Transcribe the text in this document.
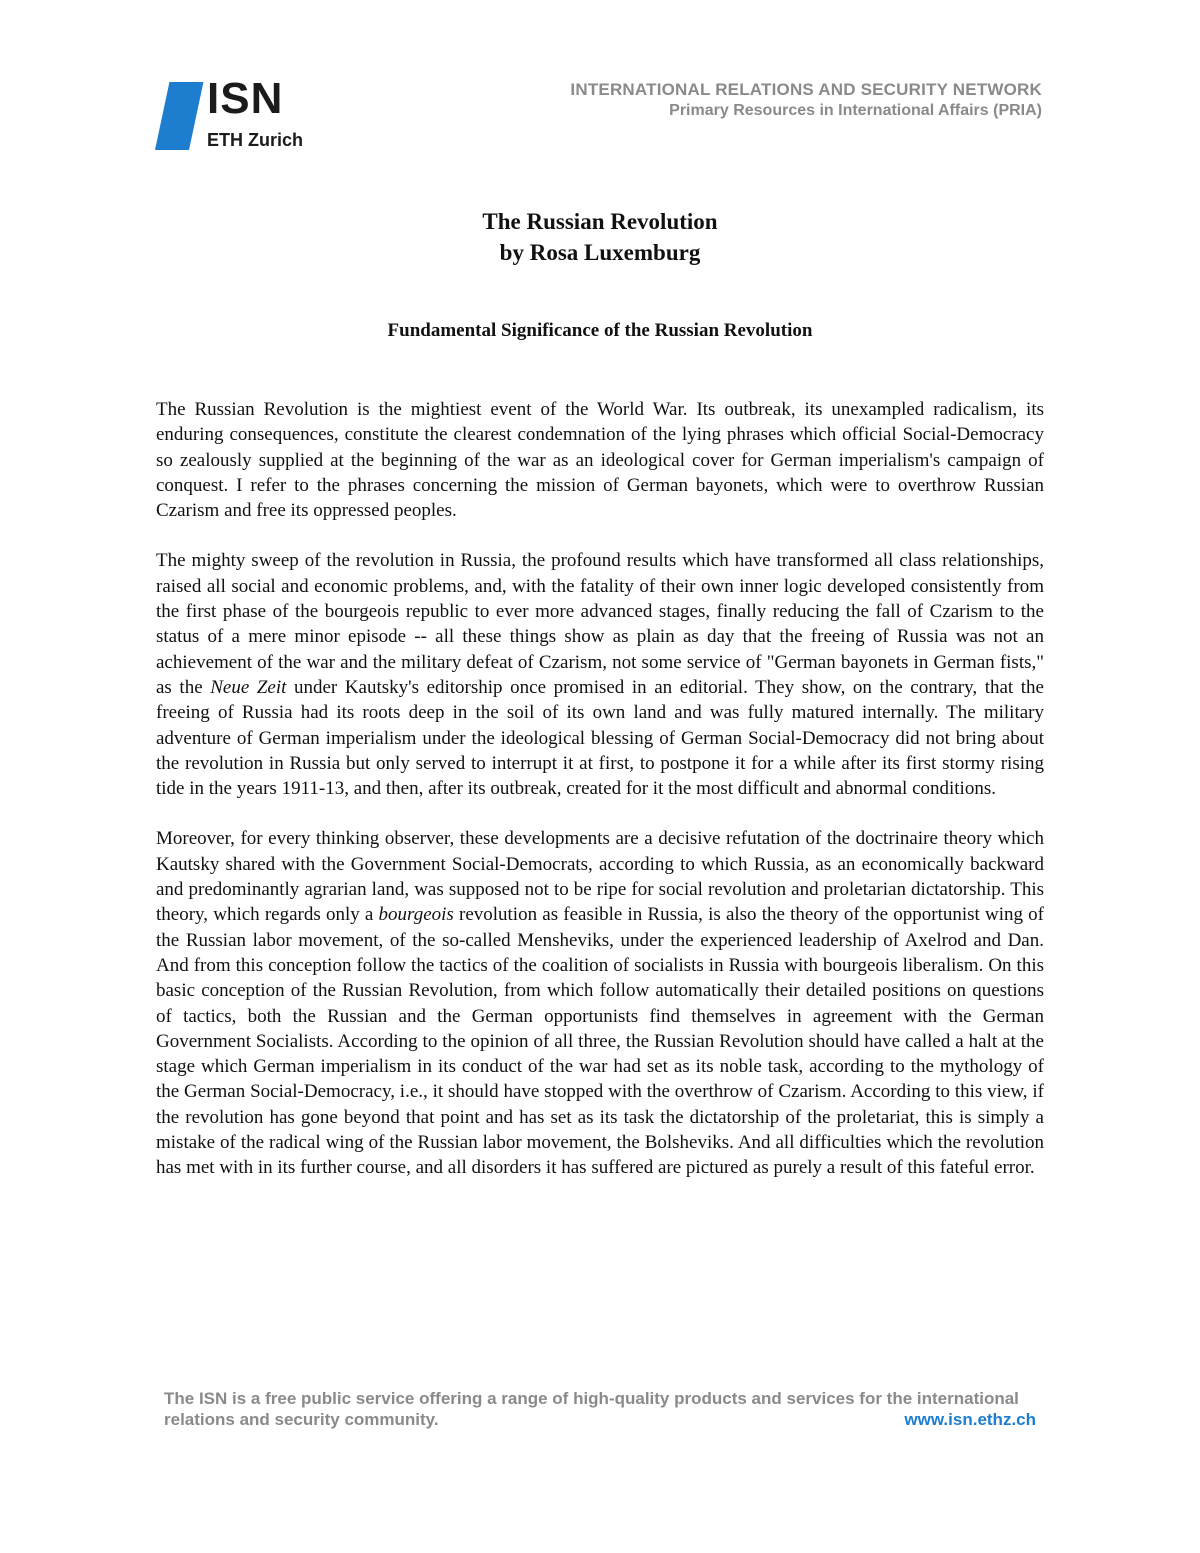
ISN
ETH Zurich
INTERNATIONAL RELATIONS AND SECURITY NETWORK
Primary Resources in International Affairs (PRIA)
The Russian Revolution
by Rosa Luxemburg
Fundamental Significance of the Russian Revolution

The Russian Revolution is the mightiest event of the World War. Its outbreak, its unexampled radicalism, its enduring consequences, constitute the clearest condemnation of the lying phrases which official Social-Democracy so zealously supplied at the beginning of the war as an ideological cover for German imperialism's campaign of conquest. I refer to the phrases concerning the mission of German bayonets, which were to overthrow Russian Czarism and free its oppressed peoples.

The mighty sweep of the revolution in Russia, the profound results which have transformed all class relationships, raised all social and economic problems, and, with the fatality of their own inner logic developed consistently from the first phase of the bourgeois republic to ever more advanced stages, finally reducing the fall of Czarism to the status of a mere minor episode -- all these things show as plain as day that the freeing of Russia was not an achievement of the war and the military defeat of Czarism, not some service of "German bayonets in German fists," as the Neue Zeit under Kautsky's editorship once promised in an editorial. They show, on the contrary, that the freeing of Russia had its roots deep in the soil of its own land and was fully matured internally. The military adventure of German imperialism under the ideological blessing of German Social-Democracy did not bring about the revolution in Russia but only served to interrupt it at first, to postpone it for a while after its first stormy rising tide in the years 1911-13, and then, after its outbreak, created for it the most difficult and abnormal conditions.

Moreover, for every thinking observer, these developments are a decisive refutation of the doctrinaire theory which Kautsky shared with the Government Social-Democrats, according to which Russia, as an economically backward and predominantly agrarian land, was supposed not to be ripe for social revolution and proletarian dictatorship. This theory, which regards only a bourgeois revolution as feasible in Russia, is also the theory of the opportunist wing of the Russian labor movement, of the so-called Mensheviks, under the experienced leadership of Axelrod and Dan. And from this conception follow the tactics of the coalition of socialists in Russia with bourgeois liberalism. On this basic conception of the Russian Revolution, from which follow automatically their detailed positions on questions of tactics, both the Russian and the German opportunists find themselves in agreement with the German Government Socialists. According to the opinion of all three, the Russian Revolution should have called a halt at the stage which German imperialism in its conduct of the war had set as its noble task, according to the mythology of the German Social-Democracy, i.e., it should have stopped with the overthrow of Czarism. According to this view, if the revolution has gone beyond that point and has set as its task the dictatorship of the proletariat, this is simply a mistake of the radical wing of the Russian labor movement, the Bolsheviks. And all difficulties which the revolution has met with in its further course, and all disorders it has suffered are pictured as purely a result of this fateful error.

The ISN is a free public service offering a range of high-quality products and services for the international
relations and security community.	www.isn.ethz.ch
